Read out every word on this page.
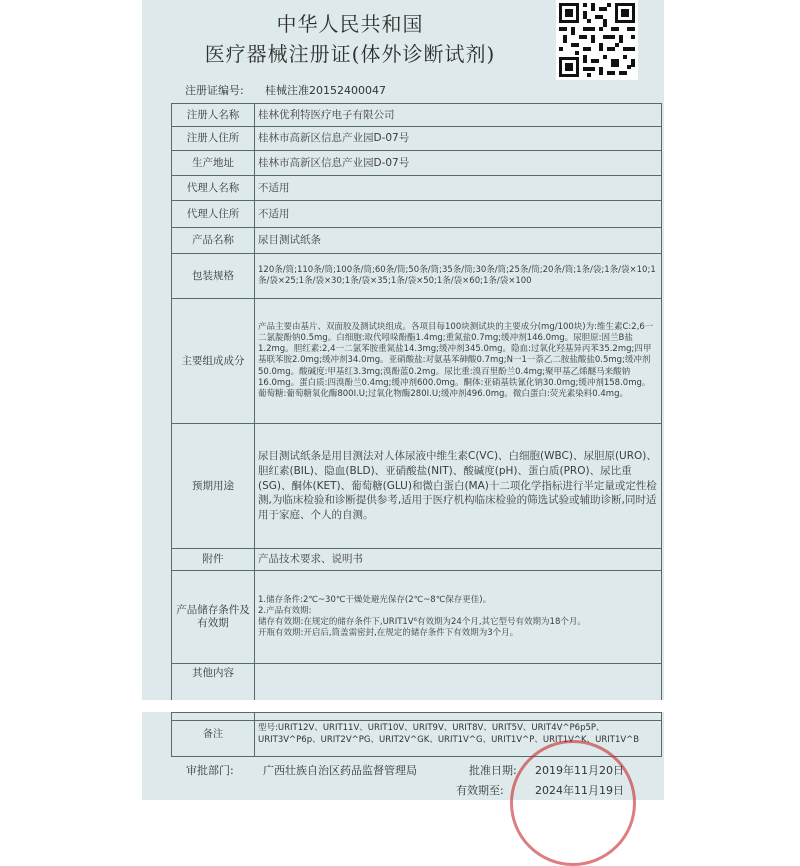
中华人民共和国
医疗器械注册证(体外诊断试剂)
注册证编号: 桂械注准20152400047
注册人名称	桂林优利特医疗电子有限公司
注册人住所	桂林市高新区信息产业园D-07号
生产地址	桂林市高新区信息产业园D-07号
代理人名称	不适用
代理人住所	不适用
产品名称	尿目测试纸条
包装规格	120条/筒;110条/筒;100条/筒;60条/筒;50条/筒;35条/筒;30条/筒;25条/筒;20条/筒;1条/袋;1条/袋×10;1条/袋×25;1条/袋×30;1条/袋×35;1条/袋×50;1条/袋×60;1条/袋×100
主要组成成分	产品主要由基片、双面胶及测试块组成。各项目每100块测试块的主要成分(mg/100块)为:维生素C:2,6一二氯靛酚钠0.5mg。白细胞:取代吲哚酚酯1.4mg;重氮盐0.7mg;缓冲剂146.0mg。尿胆原:固兰B盐1.2mg。胆红素:2,4一二氯苯胺重氮盐14.3mg;缓冲剂345.0mg。隐血:过氧化羟基异丙苯35.2mg;四甲基联苯胺2.0mg;缓冲剂34.0mg。亚硝酸盐:对氨基苯砷酸0.7mg;N一1一萘乙二胺盐酸盐0.5mg;缓冲剂50.0mg。酸碱度:甲基红3.3mg;溴酚蓝0.2mg。尿比重:溴百里酚兰0.4mg;聚甲基乙烯醚马来酸钠16.0mg。蛋白质:四溴酚兰0.4mg;缓冲剂600.0mg。酮体:亚硝基铁氰化钠30.0mg;缓冲剂158.0mg。葡萄糖:葡萄糖氧化酶800I.U;过氧化物酶280I.U;缓冲剂496.0mg。微白蛋白:荧光素染料0.4mg。
预期用途	尿目测试纸条是用目测法对人体尿液中维生素C(VC)、白细胞(WBC)、尿胆原(URO)、胆红素(BIL)、隐血(BLD)、亚硝酸盐(NIT)、酸碱度(pH)、蛋白质(PRO)、尿比重(SG)、酮体(KET)、葡萄糖(GLU)和微白蛋白(MA)十二项化学指标进行半定量或定性检测,为临床检验和诊断提供参考,适用于医疗机构临床检验的筛选试验或辅助诊断,同时适用于家庭、个人的自测。
附件	产品技术要求、说明书
产品储存条件及有效期	1.储存条件:2℃~30℃干燥处避光保存(2℃~8℃保存更佳)。
2.产品有效期:
储存有效期:在规定的储存条件下,URIT1V⁶有效期为24个月,其它型号有效期为18个月。
开瓶有效期:开启后,筒盖需密封,在规定的储存条件下有效期为3个月。
其他内容	
备注	型号:URIT12V、URIT11V、URIT10V、URIT9V、URIT8V、URIT5V、URIT4V^P6p5P、URIT3V^P6p、URIT2V^PG、URIT2V^GK、URIT1V^G、URIT1V^P、URIT1V^K、URIT1V^B
审批部门:	广西壮族自治区药品监督管理局	批准日期: 2019年11月20日
有效期至:	2024年11月19日
